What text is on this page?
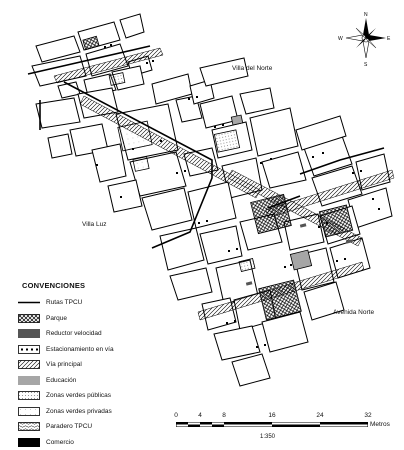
Villa del Norte
Villa Luz
Avenida Norte
N
S
E
W
CONVENCIONES
Rutas TPCU
Parque
Reductor velocidad
Estacionamiento en vía
Vía principal
Educación
Zonas verdes públicas
Zonas verdes privadas
Paradero TPCU
Comercio
0	4	8	16	24	32
Metros
1:350
